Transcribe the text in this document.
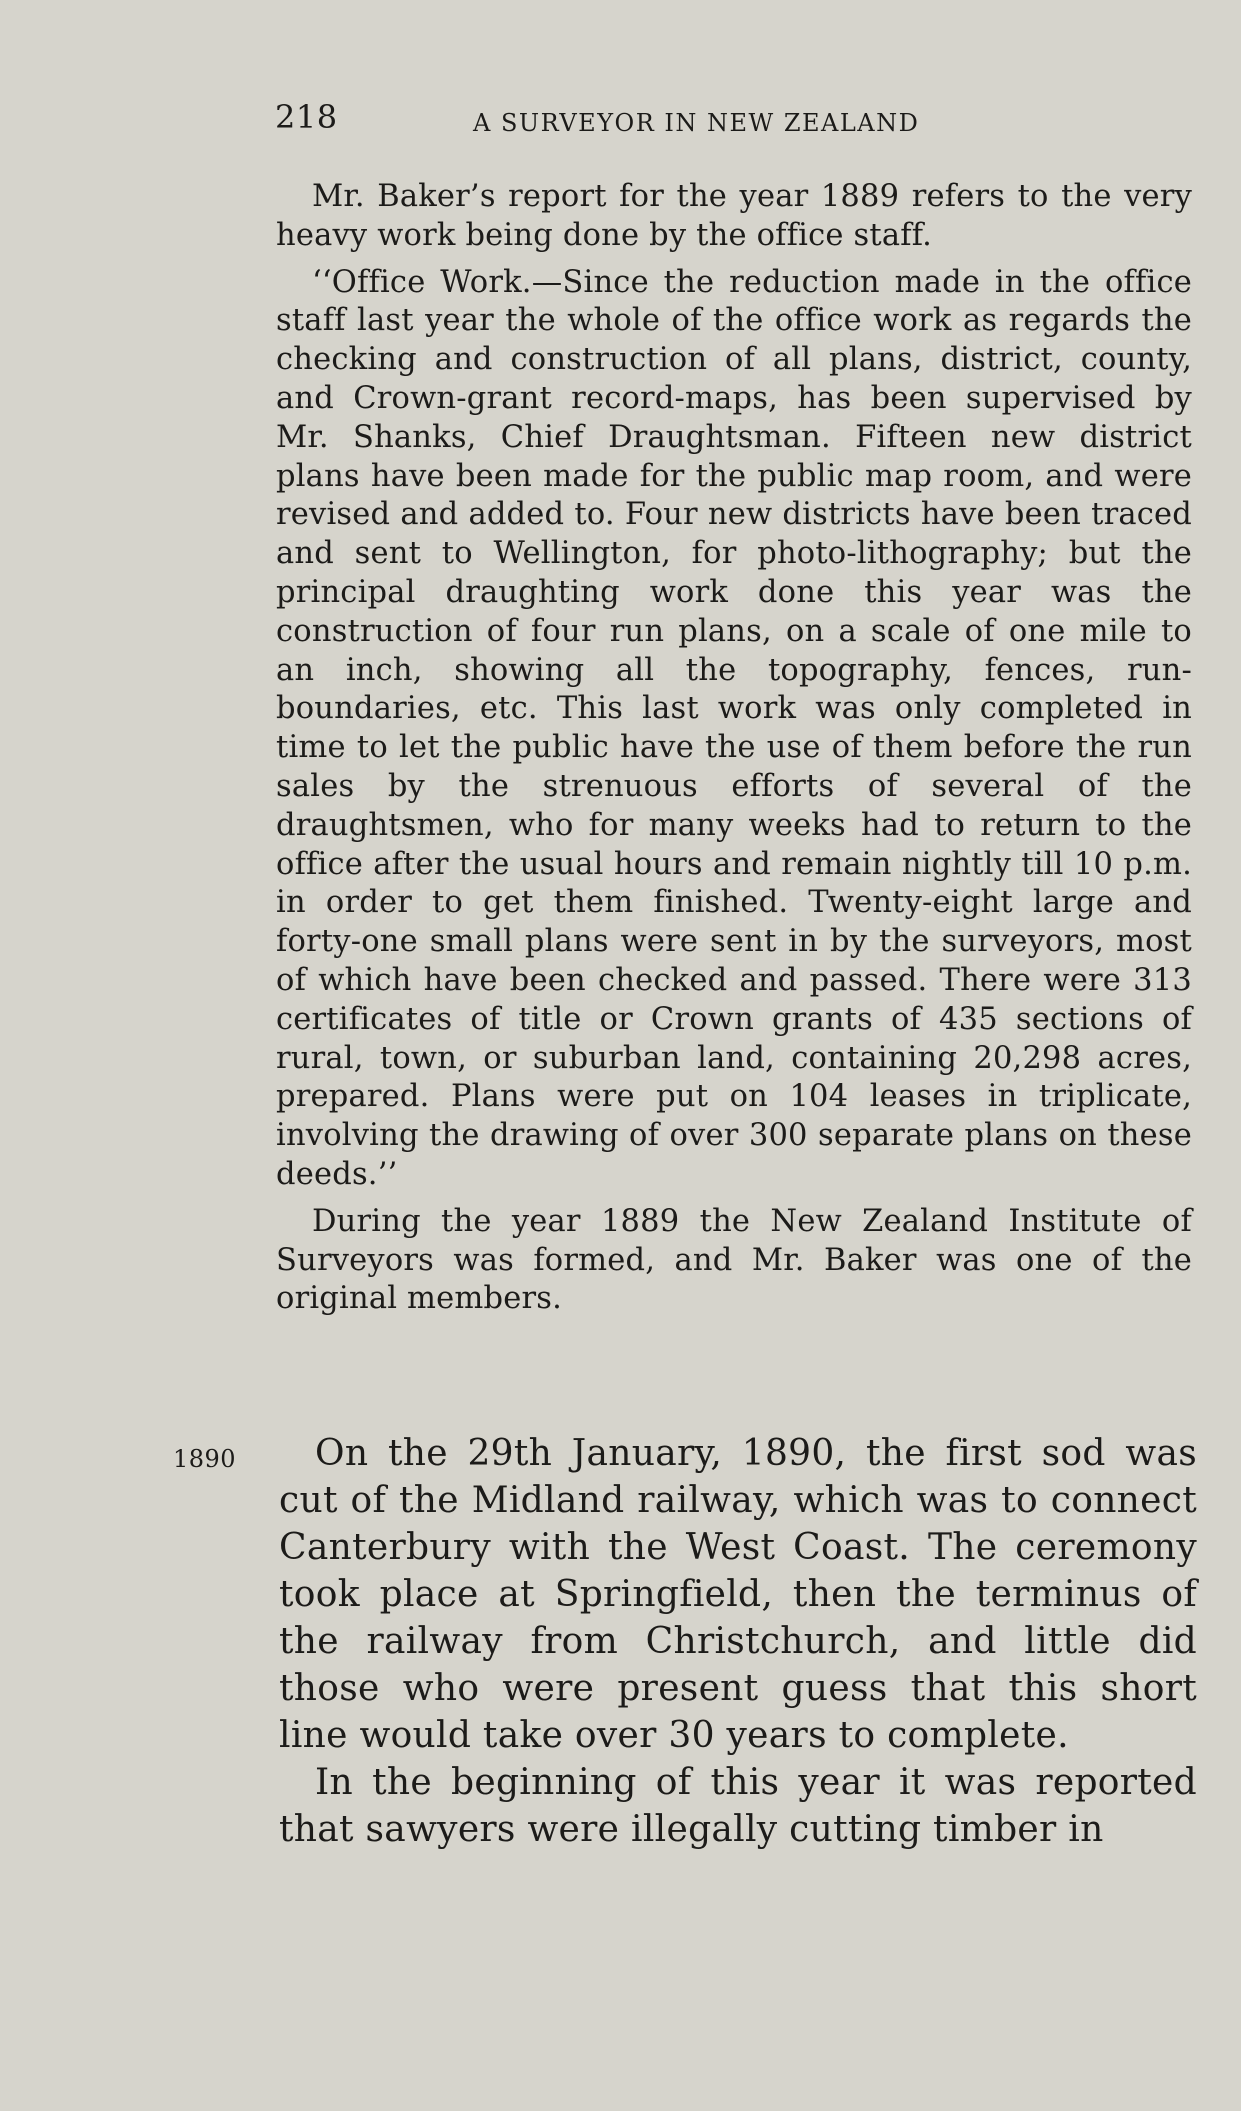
218	A SURVEYOR IN NEW ZEALAND

Mr. Baker’s report for the year 1889 refers to the very heavy work being done by the office staff.

‘‘Office Work.—Since the reduction made in the office staff last year the whole of the office work as regards the checking and construction of all plans, district, county, and Crown-grant record-maps, has been supervised by Mr. Shanks, Chief Draughtsman. Fifteen new district plans have been made for the public map room, and were revised and added to. Four new districts have been traced and sent to Wellington, for photo-lithography; but the principal draughting work done this year was the construction of four run plans, on a scale of one mile to an inch, showing all the topography, fences, run-boundaries, etc. This last work was only completed in time to let the public have the use of them before the run sales by the strenuous efforts of several of the draughtsmen, who for many weeks had to return to the office after the usual hours and remain nightly till 10 p.m. in order to get them finished. Twenty-eight large and forty-one small plans were sent in by the surveyors, most of which have been checked and passed. There were 313 certificates of title or Crown grants of 435 sections of rural, town, or suburban land, containing 20,298 acres, prepared. Plans were put on 104 leases in triplicate, involving the drawing of over 300 separate plans on these deeds.’’

During the year 1889 the New Zealand Institute of Surveyors was formed, and Mr. Baker was one of the original members.

1890	On the 29th January, 1890, the first sod was cut of the Midland railway, which was to connect Canterbury with the West Coast. The ceremony took place at Springfield, then the terminus of the railway from Christchurch, and little did those who were present guess that this short line would take over 30 years to complete.

In the beginning of this year it was reported that sawyers were illegally cutting timber in
